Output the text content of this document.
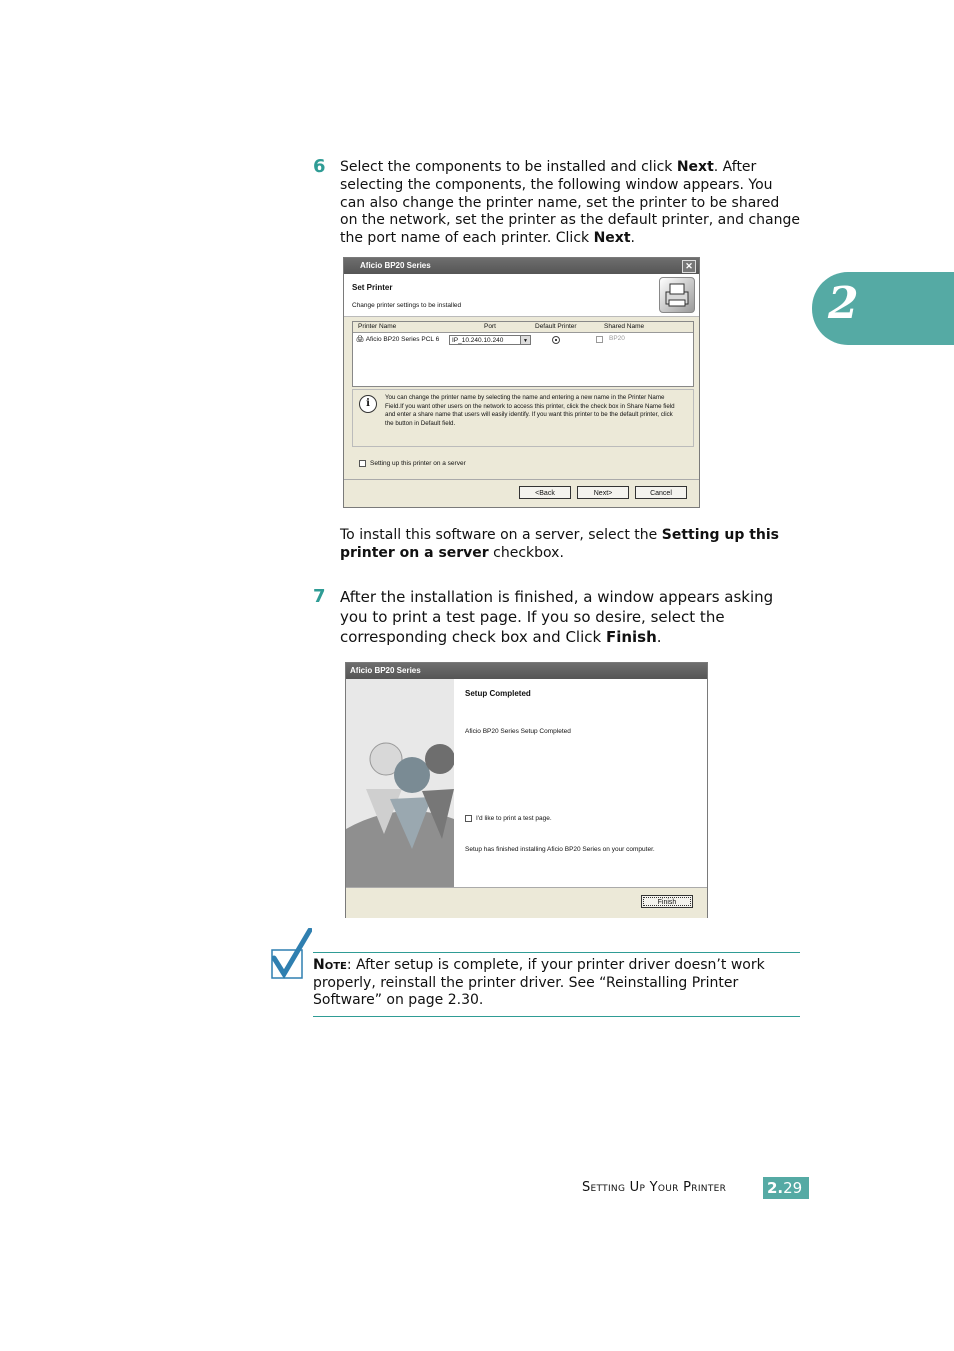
2
6 Select the components to be installed and click Next. After selecting the components, the following window appears. You can also change the printer name, set the printer to be shared on the network, set the printer as the default printer, and change the port name of each printer. Click Next.
Aficio BP20 Series	✕
Set Printer
Change printer settings to be installed
Printer Name	Port	Default Printer	Shared Name
🖨 Aficio BP20 Series PCL 6	IP_10.240.10.240	▼	BP20
i
You can change the printer name by selecting the name and entering a new name in the Printer Name Field.If you want other users on the network to access this printer, click the check box in Share Name field and enter a share name that users will easily identify. If you want this printer to be the default printer, click the button in Default field.
Setting up this printer on a server
<Back	Next>	Cancel
To install this software on a server, select the Setting up this printer on a server checkbox.
7 After the installation is finished, a window appears asking you to print a test page. If you so desire, select the corresponding check box and Click Finish.
Aficio BP20 Series
Setup Completed
Aficio BP20 Series Setup Completed
I'd like to print a test page.
Setup has finished installing Aficio BP20 Series on your computer.
Finish
Note: After setup is complete, if your printer driver doesn’t work properly, reinstall the printer driver. See “Reinstalling Printer Software” on page 2.30.
Setting Up Your Printer	2.29
